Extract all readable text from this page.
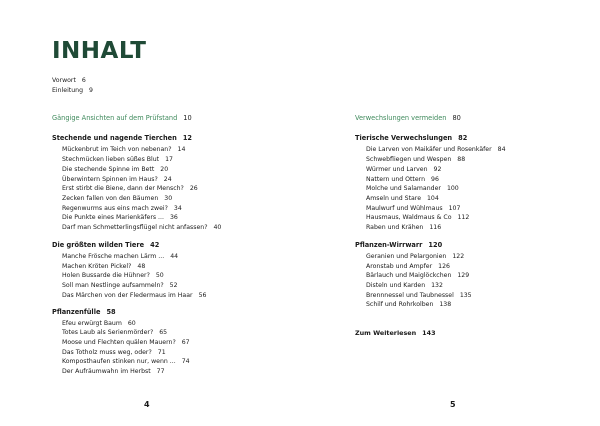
INHALT
Vorwort 6
Einleitung 9
Gängige Ansichten auf dem Prüfstand 10
Stechende und nagende Tierchen 12
Mückenbrut im Teich von nebenan? 14
Stechmücken lieben süßes Blut 17
Die stechende Spinne im Bett 20
Überwintern Spinnen im Haus? 24
Erst stirbt die Biene, dann der Mensch? 26
Zecken fallen von den Bäumen 30
Regenwurms aus eins mach zwei? 34
Die Punkte eines Marienkäfers ... 36
Darf man Schmetterlingsflügel nicht anfassen? 40
Die größten wilden Tiere 42
Manche Frösche machen Lärm ... 44
Machen Kröten Pickel? 48
Holen Bussarde die Hühner? 50
Soll man Nestlinge aufsammeln? 52
Das Märchen von der Fledermaus im Haar 56
Pflanzenfülle 58
Efeu erwürgt Baum 60
Totes Laub als Serienmörder? 65
Moose und Flechten quälen Mauern? 67
Das Totholz muss weg, oder? 71
Komposthaufen stinken nur, wenn ... 74
Der Aufräumwahn im Herbst 77
Verwechslungen vermeiden 80
Tierische Verwechslungen 82
Die Larven von Maikäfer und Rosenkäfer 84
Schwebfliegen und Wespen 88
Würmer und Larven 92
Nattern und Ottern 96
Molche und Salamander 100
Amseln und Stare 104
Maulwurf und Wühlmaus 107
Hausmaus, Waldmaus & Co 112
Raben und Krähen 116
Pflanzen-Wirrwarr 120
Geranien und Pelargonien 122
Aronstab und Ampfer 126
Bärlauch und Maiglöckchen 129
Disteln und Karden 132
Brennnessel und Taubnessel 135
Schilf und Rohrkolben 138
Zum Weiterlesen 143
4	5
